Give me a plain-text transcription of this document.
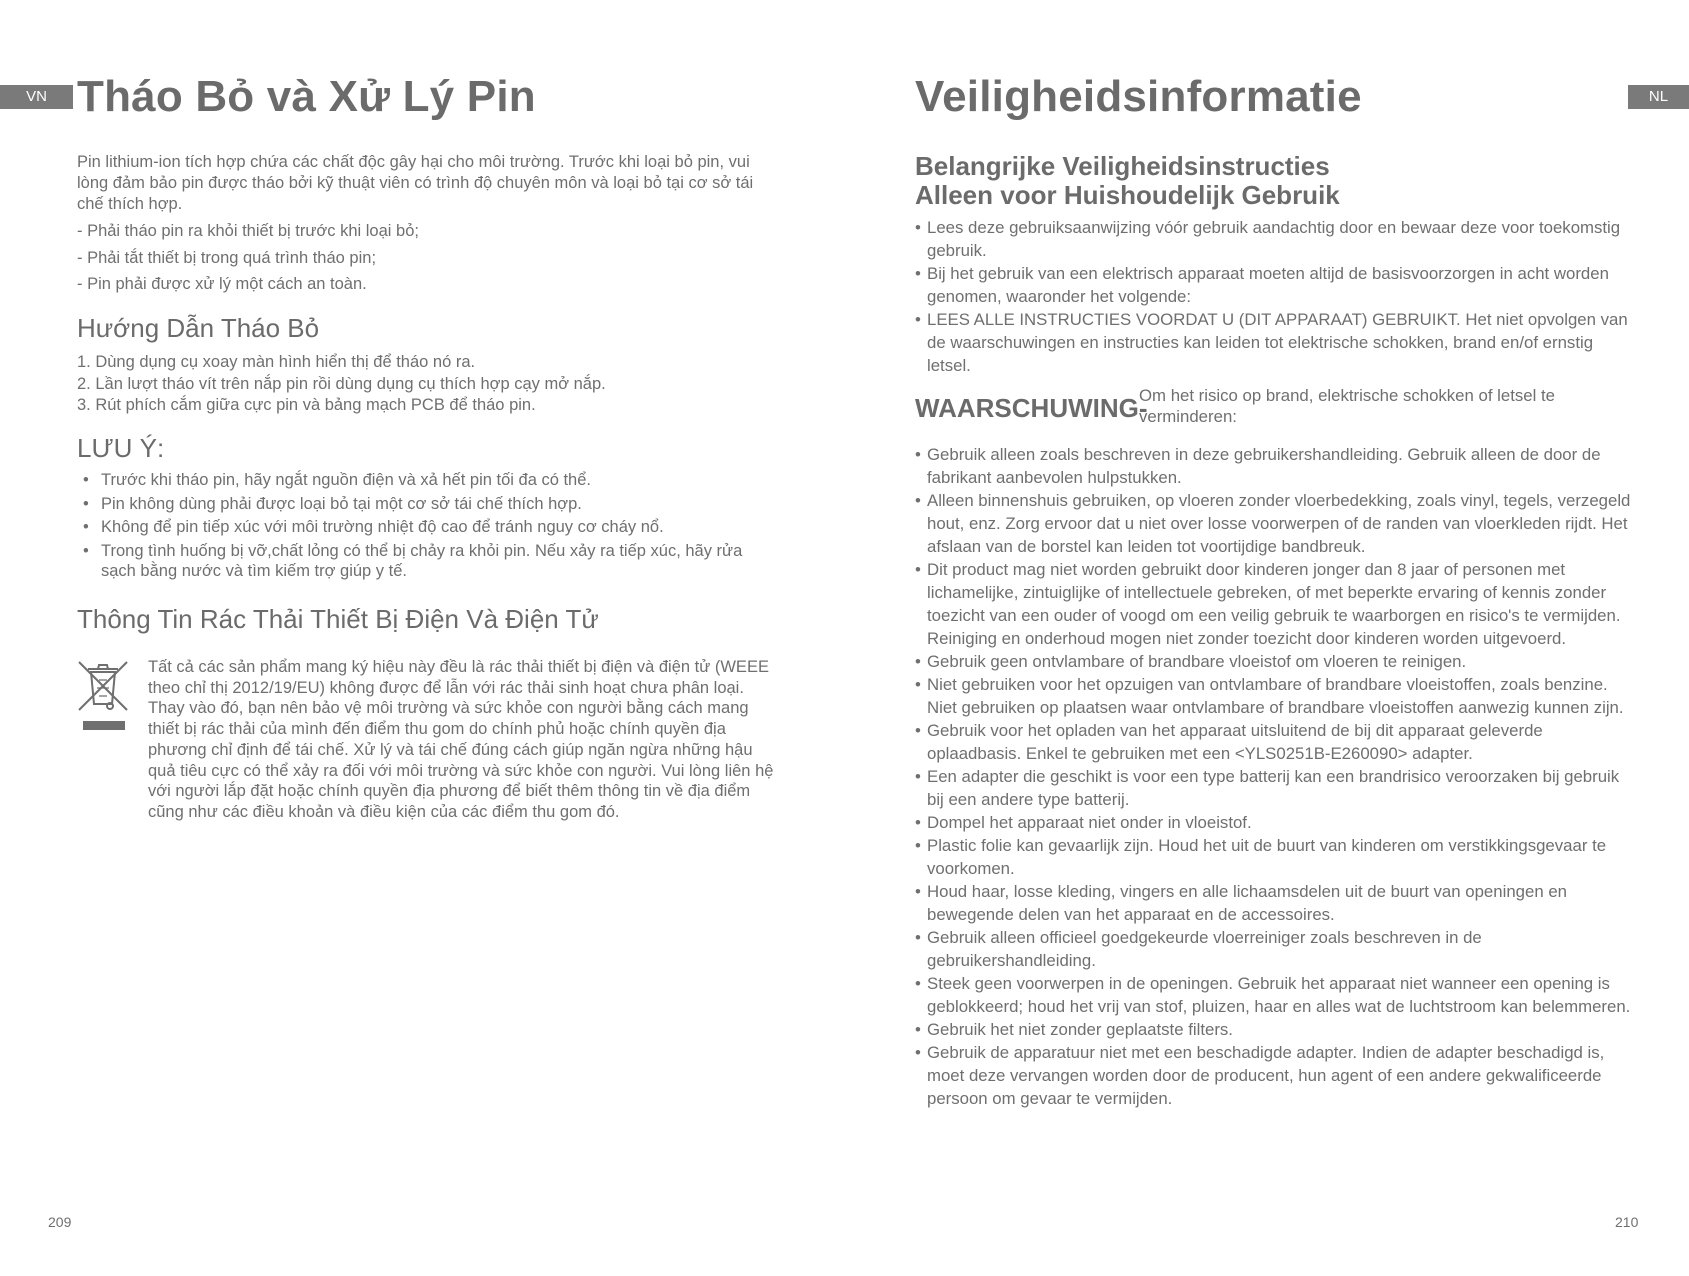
VN	NL
Tháo Bỏ và Xử Lý Pin

Pin lithium-ion tích hợp chứa các chất độc gây hại cho môi trường. Trước khi loại bỏ pin, vui lòng đảm bảo pin được tháo bởi kỹ thuật viên có trình độ chuyên môn và loại bỏ tại cơ sở tái chế thích hợp.

- Phải tháo pin ra khỏi thiết bị trước khi loại bỏ;
- Phải tắt thiết bị trong quá trình tháo pin;
- Pin phải được xử lý một cách an toàn.
Hướng Dẫn Tháo Bỏ
1. Dùng dụng cụ xoay màn hình hiển thị để tháo nó ra.
2. Lần lượt tháo vít trên nắp pin rồi dùng dụng cụ thích hợp cạy mở nắp.
3. Rút phích cắm giữa cực pin và bảng mạch PCB để tháo pin.
LƯU Ý:
• Trước khi tháo pin, hãy ngắt nguồn điện và xả hết pin tối đa có thể.
• Pin không dùng phải được loại bỏ tại một cơ sở tái chế thích hợp.
• Không để pin tiếp xúc với môi trường nhiệt độ cao để tránh nguy cơ cháy nổ.
• Trong tình huống bị vỡ,chất lỏng có thể bị chảy ra khỏi pin. Nếu xảy ra tiếp xúc, hãy rửa sạch bằng nước và tìm kiếm trợ giúp y tế.
Thông Tin Rác Thải Thiết Bị Điện Và Điện Tử

Tất cả các sản phẩm mang ký hiệu này đều là rác thải thiết bị điện và điện tử (WEEE theo chỉ thị 2012/19/EU) không được để lẫn với rác thải sinh hoạt chưa phân loại. Thay vào đó, bạn nên bảo vệ môi trường và sức khỏe con người bằng cách mang thiết bị rác thải của mình đến điểm thu gom do chính phủ hoặc chính quyền địa phương chỉ định để tái chế. Xử lý và tái chế đúng cách giúp ngăn ngừa những hậu quả tiêu cực có thể xảy ra đối với môi trường và sức khỏe con người. Vui lòng liên hệ với người lắp đặt hoặc chính quyền địa phương để biết thêm thông tin về địa điểm cũng như các điều khoản và điều kiện của các điểm thu gom đó.

Veiligheidsinformatie
Belangrijke Veiligheidsinstructies
Alleen voor Huishoudelijk Gebruik
• Lees deze gebruiksaanwijzing vóór gebruik aandachtig door en bewaar deze voor toekomstig gebruik.
• Bij het gebruik van een elektrisch apparaat moeten altijd de basisvoorzorgen in acht worden genomen, waaronder het volgende:
• LEES ALLE INSTRUCTIES VOORDAT U (DIT APPARAAT) GEBRUIKT. Het niet opvolgen van de waarschuwingen en instructies kan leiden tot elektrische schokken, brand en/of ernstig letsel.
WAARSCHUWING-
Om het risico op brand, elektrische schokken of letsel te verminderen:
• Gebruik alleen zoals beschreven in deze gebruikershandleiding. Gebruik alleen de door de fabrikant aanbevolen hulpstukken.
• Alleen binnenshuis gebruiken, op vloeren zonder vloerbedekking, zoals vinyl, tegels, verzegeld hout, enz. Zorg ervoor dat u niet over losse voorwerpen of de randen van vloerkleden rijdt. Het afslaan van de borstel kan leiden tot voortijdige bandbreuk.
• Dit product mag niet worden gebruikt door kinderen jonger dan 8 jaar of personen met lichamelijke, zintuiglijke of intellectuele gebreken, of met beperkte ervaring of kennis zonder toezicht van een ouder of voogd om een veilig gebruik te waarborgen en risico's te vermijden. Reiniging en onderhoud mogen niet zonder toezicht door kinderen worden uitgevoerd.
• Gebruik geen ontvlambare of brandbare vloeistof om vloeren te reinigen.
• Niet gebruiken voor het opzuigen van ontvlambare of brandbare vloeistoffen, zoals benzine. Niet gebruiken op plaatsen waar ontvlambare of brandbare vloeistoffen aanwezig kunnen zijn.
• Gebruik voor het opladen van het apparaat uitsluitend de bij dit apparaat geleverde oplaadbasis. Enkel te gebruiken met een <YLS0251B-E260090> adapter.
• Een adapter die geschikt is voor een type batterij kan een brandrisico veroorzaken bij gebruik bij een andere type batterij.
• Dompel het apparaat niet onder in vloeistof.
• Plastic folie kan gevaarlijk zijn. Houd het uit de buurt van kinderen om verstikkingsgevaar te voorkomen.
• Houd haar, losse kleding, vingers en alle lichaamsdelen uit de buurt van openingen en bewegende delen van het apparaat en de accessoires.
• Gebruik alleen officieel goedgekeurde vloerreiniger zoals beschreven in de gebruikershandleiding.
• Steek geen voorwerpen in de openingen. Gebruik het apparaat niet wanneer een opening is geblokkeerd; houd het vrij van stof, pluizen, haar en alles wat de luchtstroom kan belemmeren.
• Gebruik het niet zonder geplaatste filters.
• Gebruik de apparatuur niet met een beschadigde adapter. Indien de adapter beschadigd is, moet deze vervangen worden door de producent, hun agent of een andere gekwalificeerde persoon om gevaar te vermijden.
209	210
